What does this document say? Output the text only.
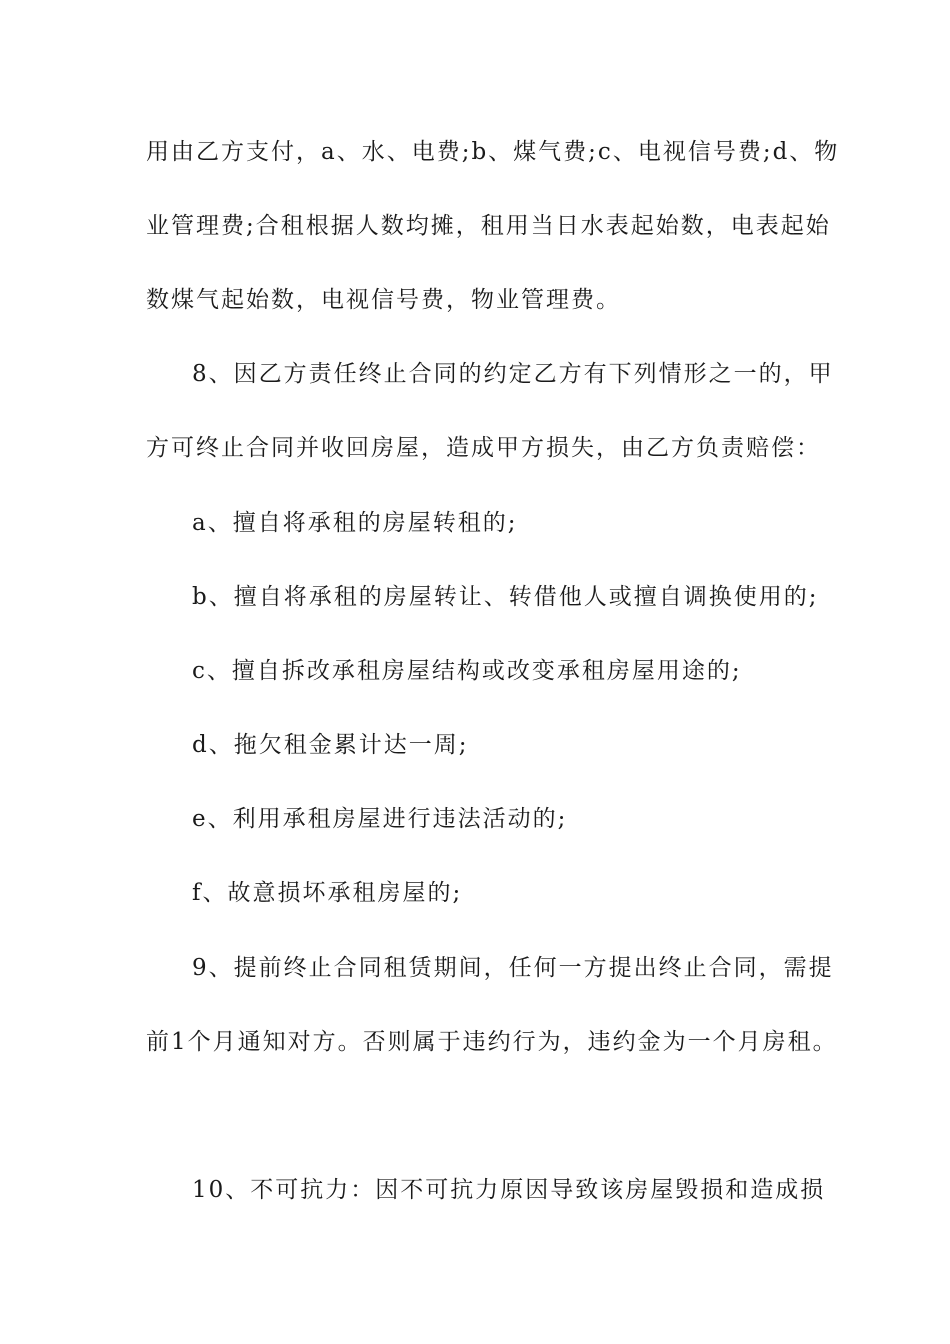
用由乙方支付，a、水、电费;b、煤气费;c、电视信号费;d、物
业管理费;合租根据人数均摊，租用当日水表起始数，电表起始
数煤气起始数，电视信号费，物业管理费。
8、因乙方责任终止合同的约定乙方有下列情形之一的，甲
方可终止合同并收回房屋，造成甲方损失，由乙方负责赔偿：
a、擅自将承租的房屋转租的;
b、擅自将承租的房屋转让、转借他人或擅自调换使用的;
c、擅自拆改承租房屋结构或改变承租房屋用途的;
d、拖欠租金累计达一周;
e、利用承租房屋进行违法活动的;
f、故意损坏承租房屋的;
9、提前终止合同租赁期间，任何一方提出终止合同，需提
前1个月通知对方。否则属于违约行为，违约金为一个月房租。
10、不可抗力：因不可抗力原因导致该房屋毁损和造成损
